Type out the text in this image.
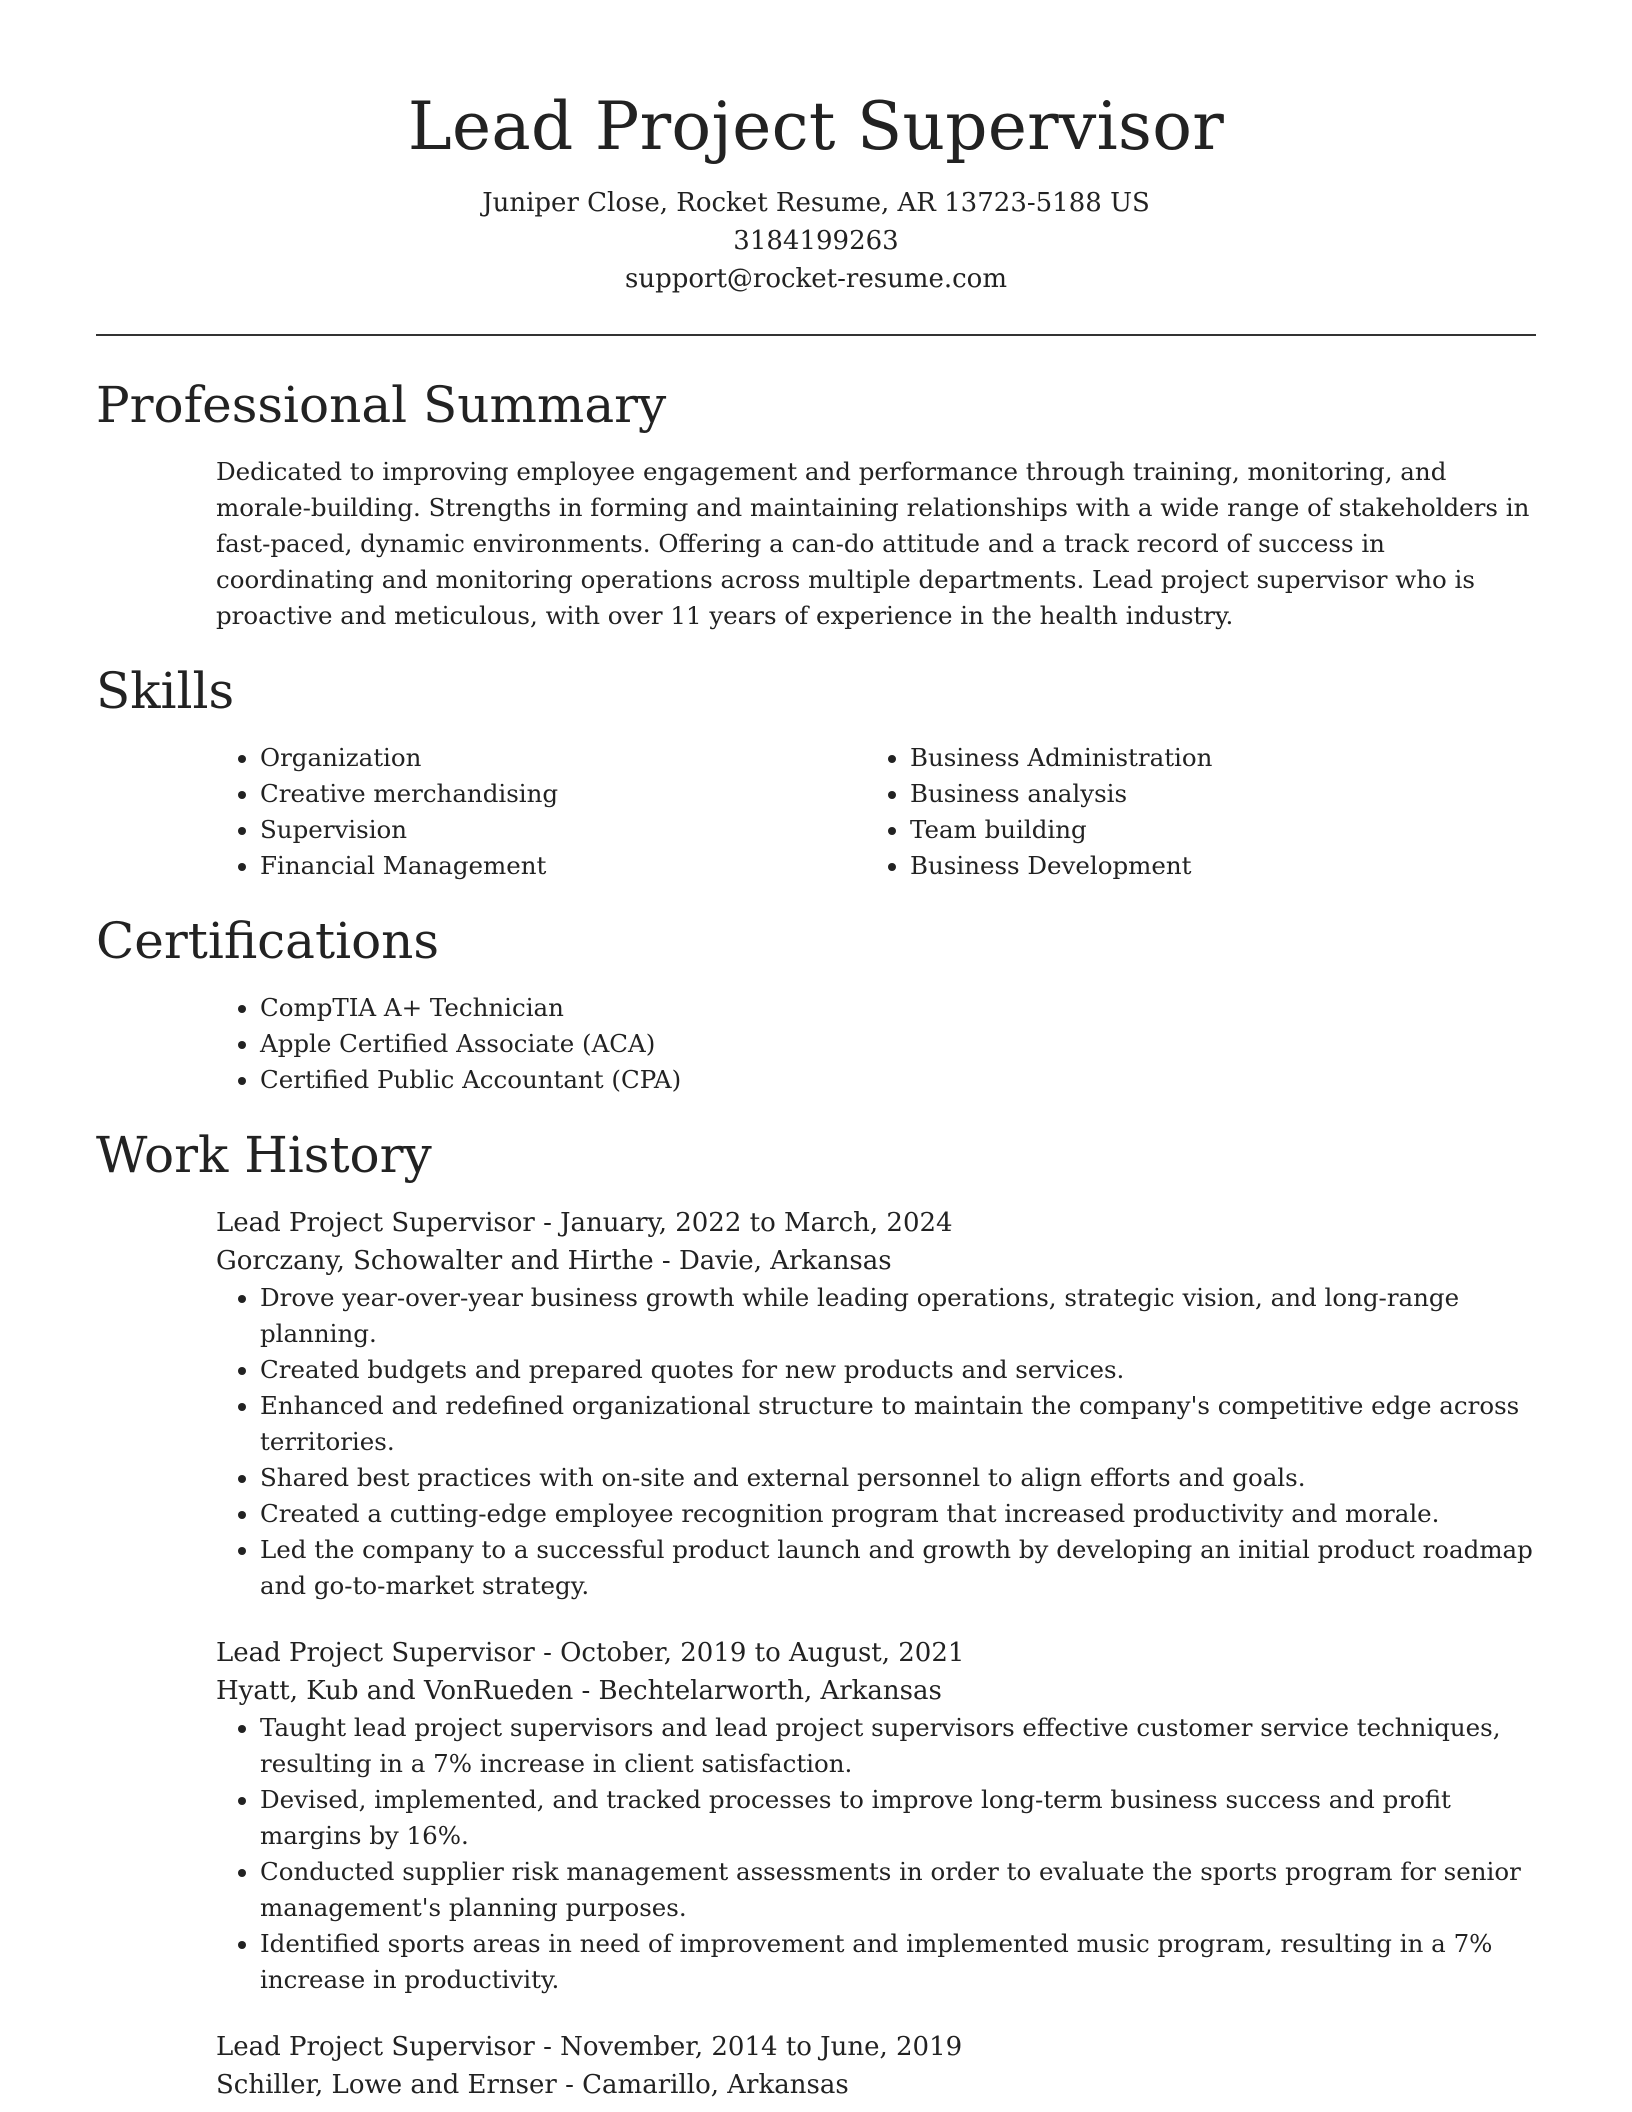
Lead Project Supervisor
Juniper Close, Rocket Resume, AR 13723-5188 US
3184199263
support@rocket-resume.com
Professional Summary

Dedicated to improving employee engagement and performance through training, monitoring, and morale-building. Strengths in forming and maintaining relationships with a wide range of stakeholders in fast-paced, dynamic environments. Offering a can-do attitude and a track record of success in coordinating and monitoring operations across multiple departments. Lead project supervisor who is proactive and meticulous, with over 11 years of experience in the health industry.

Skills
• Organization
• Creative merchandising
• Supervision
• Financial Management
• Business Administration
• Business analysis
• Team building
• Business Development
Certifications
• CompTIA A+ Technician
• Apple Certified Associate (ACA)
• Certified Public Accountant (CPA)
Work History
Lead Project Supervisor - January, 2022 to March, 2024
Gorczany, Schowalter and Hirthe - Davie, Arkansas
• Drove year-over-year business growth while leading operations, strategic vision, and long-range planning.
• Created budgets and prepared quotes for new products and services.
• Enhanced and redefined organizational structure to maintain the company's competitive edge across territories.
• Shared best practices with on-site and external personnel to align efforts and goals.
• Created a cutting-edge employee recognition program that increased productivity and morale.
• Led the company to a successful product launch and growth by developing an initial product roadmap and go-to-market strategy.
Lead Project Supervisor - October, 2019 to August, 2021
Hyatt, Kub and VonRueden - Bechtelarworth, Arkansas
• Taught lead project supervisors and lead project supervisors effective customer service techniques, resulting in a 7% increase in client satisfaction.
• Devised, implemented, and tracked processes to improve long-term business success and profit margins by 16%.
• Conducted supplier risk management assessments in order to evaluate the sports program for senior management's planning purposes.
• Identified sports areas in need of improvement and implemented music program, resulting in a 7% increase in productivity.
Lead Project Supervisor - November, 2014 to June, 2019
Schiller, Lowe and Ernser - Camarillo, Arkansas
